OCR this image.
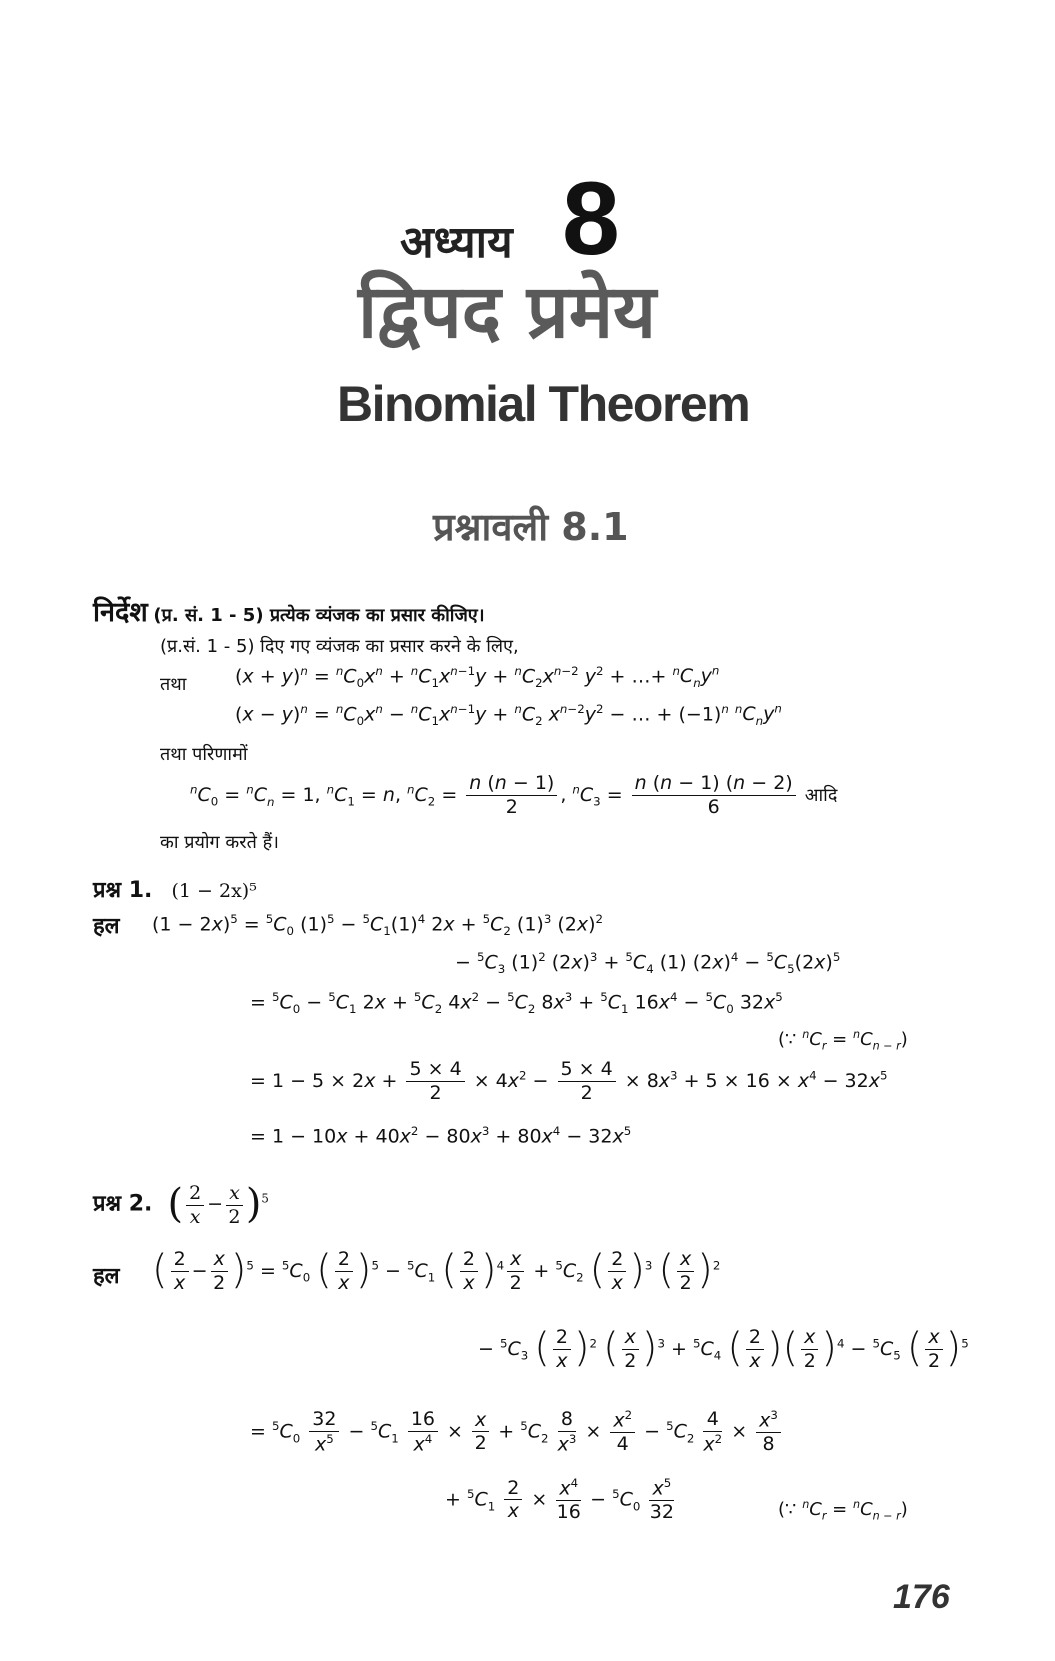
अध्याय 8
द्विपद प्रमेय
Binomial Theorem
प्रश्नावली 8.1
निर्देश (प्र. सं. 1 - 5) प्रत्येक व्यंजक का प्रसार कीजिए।
(प्र.सं. 1 - 5) दिए गए व्यंजक का प्रसार करने के लिए,
$(x + y)^n = ^nC_0x^n + ^nC_1x^{n-1}y + ^nC_2x^{n-2}$ $y^2$ + …+ $^nC_ny^n$
तथा
$(x - y)^n = ^nC_0x^n - ^nC_1x^{n-1}y + ^nC_2$ $x^{n-2}y^2$ − … + $(-1)^n$ $^nC_ny^n$
तथा परिणामों
$^nC_0 = ^nC_n = 1$, $^nC_1 = n$, $^nC_2 = \frac{n (n - 1)}{2}$ , $^nC_3 = \frac{n (n - 1) (n - 2)}{6}$ आदि
का प्रयोग करते हैं।
प्रश्न 1. (1 − 2x)⁵
हल $(1 - 2x)^5 = ^5C_0$ $(1)^5 - ^5C_1(1)^4$ $2x + ^5C_2$ $(1)^3$ $(2x)^2$
− $^5C_3$ $(1)^2$ $(2x)^3 + ^5C_4$ (1) $(2x)^4 - ^5C_5(2x)^5$
= $^5C_0 - ^5C_1$ $2x + ^5C_2$ $4x^2 - ^5C_2$ $8x^3 + ^5C_1$ $16x^4 - ^5C_0$ $32x^5$
(∵ $^nC_r = ^nC_{n - r}$)
= $1 - 5 \times 2x + \frac{5 \times 4}{2} \times 4x^2 - \frac{5 \times 4}{2} \times 8x^3 + 5 \times 16 \times x^4 - 32x^5$
= $1 - 10x + 40x^2 - 80x^3 + 80x^4 - 32x^5$
प्रश्न 2. ( $\frac{2}{x} - \frac{x}{2} )^5$
हल ( $\frac{2}{x} - \frac{x}{2} )^5 = ^5C_0$ ( $\frac{2}{x} )^5 - ^5C_1$ ( $\frac{2}{x} )^4 \frac{x}{2} + ^5C_2$ ( $\frac{2}{x} )^3$ ( $\frac{x}{2} )^2$
− $^5C_3$ ( $\frac{2}{x} )^2$ ( $\frac{x}{2} )^3 + ^5C_4$ ( $\frac{2}{x}$ )( $\frac{x}{2} )^4 - ^5C_5$ ( $\frac{x}{2} )^5$
= $^5C_0 \frac{32}{x^5} - ^5C_1 \frac{16}{x^4} \times \frac{x}{2} + ^5C_2 \frac{8}{x^3} \times \frac{x^2}{4} - ^5C_2 \frac{4}{x^2} \times \frac{x^3}{8}$
+ $^5C_1 \frac{2}{x} \times \frac{x^4}{16} - ^5C_0 \frac{x^5}{32}$	(∵ $^nC_r = ^nC_{n - r}$)
176
